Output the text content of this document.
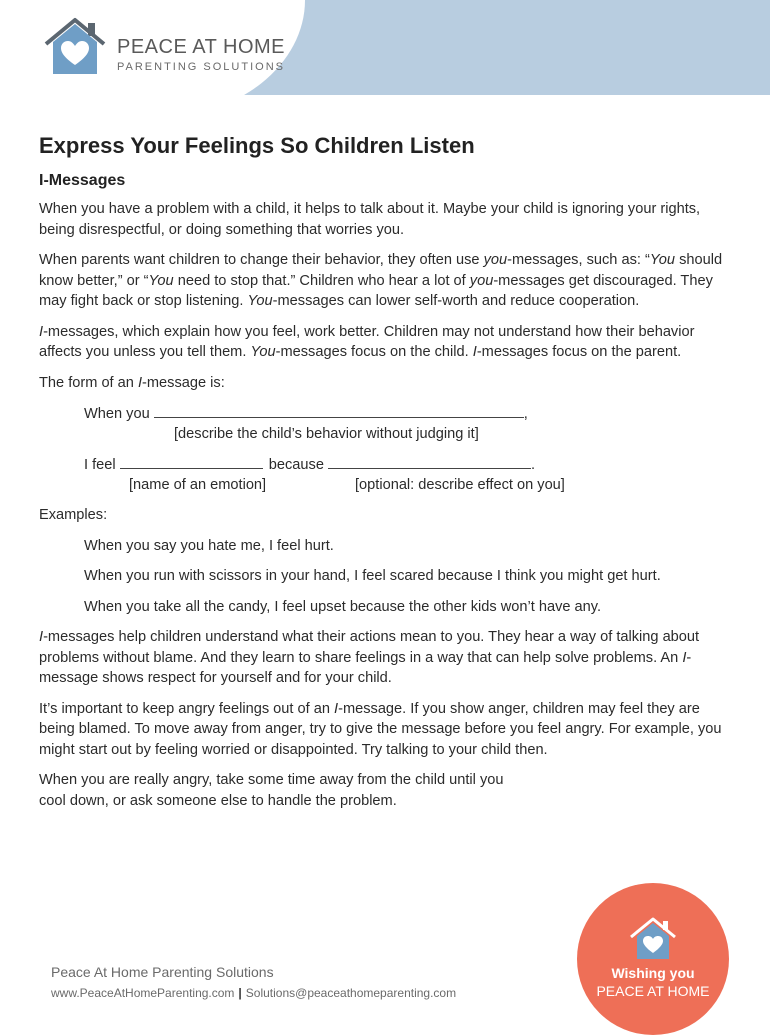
PEACE AT HOME
PARENTING SOLUTIONS
Express Your Feelings So Children Listen
I-Messages

When you have a problem with a child, it helps to talk about it. Maybe your child is ignoring your rights, being disrespectful, or doing something that worries you.

When parents want children to change their behavior, they often use you-messages, such as: “You should know better,” or “You need to stop that.” Children who hear a lot of you-messages get discouraged. They may fight back or stop listening. You-messages can lower self-worth and reduce cooperation.

I-messages, which explain how you feel, work better. Children may not understand how their behavior affects you unless you tell them. You-messages focus on the child. I-messages focus on the parent.

The form of an I-message is:

When you	,
[describe the child’s behavior without judging it]
I feel	because	.
[name of an emotion]	[optional: describe effect on you]

Examples:

When you say you hate me, I feel hurt.
When you run with scissors in your hand, I feel scared because I think you might get hurt.
When you take all the candy, I feel upset because the other kids won’t have any.

I-messages help children understand what their actions mean to you. They hear a way of talking about problems without blame. And they learn to share feelings in a way that can help solve problems. An I-message shows respect for yourself and for your child.

It’s important to keep angry feelings out of an I-message. If you show anger, children may feel they are being blamed. To move away from anger, try to give the message before you feel angry. For example, you might start out by feeling worried or disappointed. Try talking to your child then.

When you are really angry, take some time away from the child until you cool down, or ask someone else to handle the problem.

Peace At Home Parenting Solutions
www.PeaceAtHomeParenting.com | Solutions@peaceathomeparenting.com
Wishing you
PEACE AT HOME
